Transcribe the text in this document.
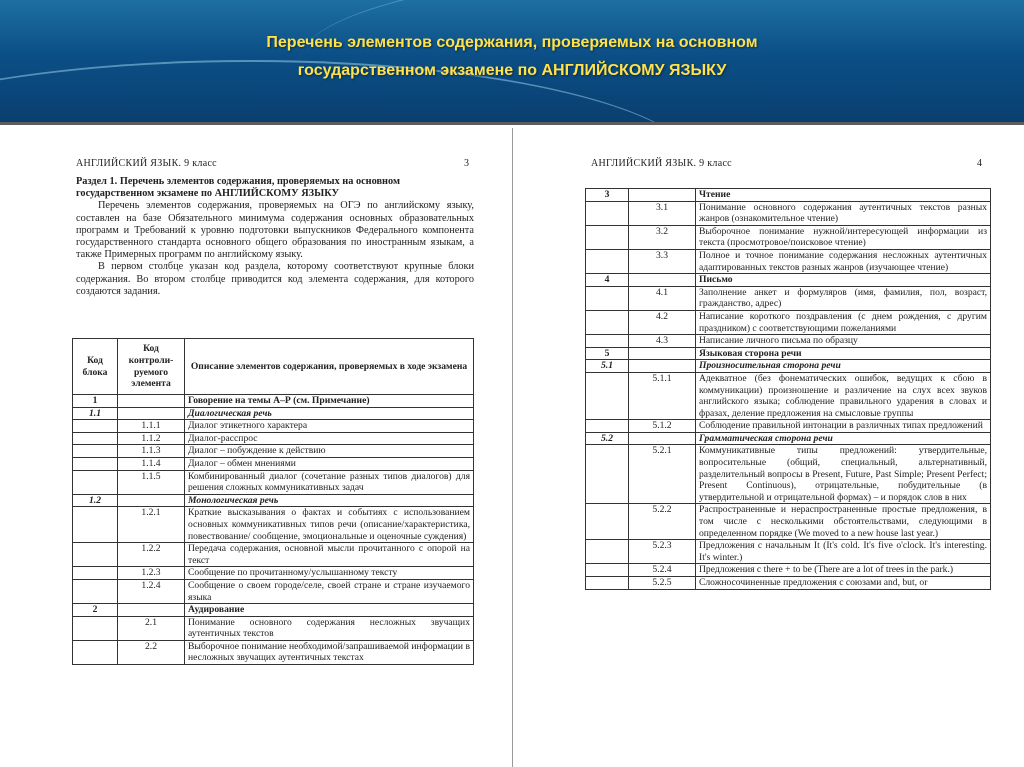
Перечень элементов содержания, проверяемых на основном
государственном экзамене по АНГЛИЙСКОМУ ЯЗЫКУ
АНГЛИЙСКИЙ ЯЗЫК. 9 класс	3
Раздел 1. Перечень элементов содержания, проверяемых на основном государственном экзамене по АНГЛИЙСКОМУ ЯЗЫКУ

Перечень элементов содержания, проверяемых на ОГЭ по английскому языку, составлен на базе Обязательного минимума содержания основных образовательных программ и Требований к уровню подготовки выпускников Федерального компонента государственного стандарта основного общего образования по иностранным языкам, а также Примерных программ по английскому языку.

В первом столбце указан код раздела, которому соответствуют крупные блоки содержания. Во втором столбце приводится код элемента содержания, для которого создаются задания.

Код блока	Код контроли-руемого элемента	Описание элементов содержания, проверяемых в ходе экзамена
1		Говорение на темы А–Р (см. Примечание)
1.1		Диалогическая речь
	1.1.1	Диалог этикетного характера
	1.1.2	Диалог-расспрос
	1.1.3	Диалог – побуждение к действию
	1.1.4	Диалог – обмен мнениями
	1.1.5	Комбинированный диалог (сочетание разных типов диалогов) для решения сложных коммуникативных задач
1.2		Монологическая речь
	1.2.1	Краткие высказывания о фактах и событиях с использованием основных коммуникативных типов речи (описание/характеристика, повествование/ сообщение, эмоциональные и оценочные суждения)
	1.2.2	Передача содержания, основной мысли прочитанного с опорой на текст
	1.2.3	Сообщение по прочитанному/услышанному тексту
	1.2.4	Сообщение о своем городе/селе, своей стране и стране изучаемого языка
2		Аудирование
	2.1	Понимание основного содержания несложных звучащих аутентичных текстов
	2.2	Выборочное понимание необходимой/запрашиваемой информации в несложных звучащих аутентичных текстах
АНГЛИЙСКИЙ ЯЗЫК. 9 класс	4
3		Чтение
	3.1	Понимание основного содержания аутентичных текстов разных жанров (ознакомительное чтение)
	3.2	Выборочное понимание нужной/интересующей информации из текста (просмотровое/поисковое чтение)
	3.3	Полное и точное понимание содержания несложных аутентичных адаптированных текстов разных жанров (изучающее чтение)
4		Письмо
	4.1	Заполнение анкет и формуляров (имя, фамилия, пол, возраст, гражданство, адрес)
	4.2	Написание короткого поздравления (с днем рождения, с другим праздником) с соответствующими пожеланиями
	4.3	Написание личного письма по образцу
5		Языковая сторона речи
5.1		Произносительная сторона речи
	5.1.1	Адекватное (без фонематических ошибок, ведущих к сбою в коммуникации) произношение и различение на слух всех звуков английского языка; соблюдение правильного ударения в словах и фразах, деление предложения на смысловые группы
	5.1.2	Соблюдение правильной интонации в различных типах предложений
5.2		Грамматическая сторона речи
	5.2.1	Коммуникативные типы предложений: утвердительные, вопросительные (общий, специальный, альтернативный, разделительный вопросы в Present, Future, Past Simple; Present Perfect; Present Continuous), отрицательные, побудительные (в утвердительной и отрицательной формах) – и порядок слов в них
	5.2.2	Распространенные и нераспространенные простые предложения, в том числе с несколькими обстоятельствами, следующими в определенном порядке (We moved to a new house last year.)
	5.2.3	Предложения с начальным It (It's cold. It's five o'clock. It's interesting. It's winter.)
	5.2.4	Предложения с there + to be (There are a lot of trees in the park.)
	5.2.5	Сложносочиненные предложения с союзами and, but, or
